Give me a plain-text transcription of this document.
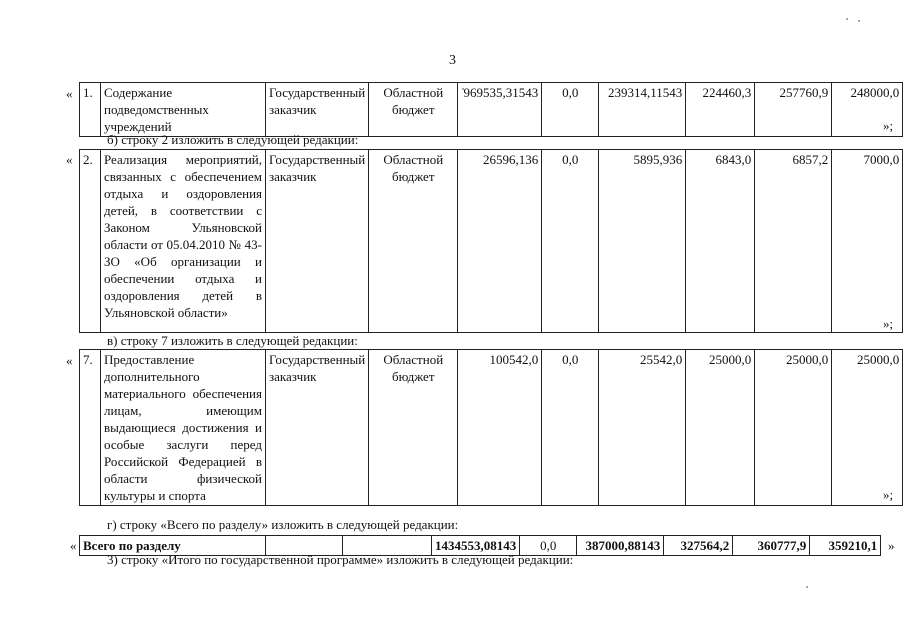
3
« 1.	Содержание подведомственных учреждений	Государственный заказчик	Областной бюджет	969535,31543	0,0	239314,11543	224460,3	257760,9	248000,0
»;
б) строку 2 изложить в следующей редакции:
« 2.	Реализация мероприятий, связанных с обеспечением отдыха и оздоровления детей, в соответствии с Законом Ульяновской области от 05.04.2010 № 43-ЗО «Об организации и обеспечении отдыха и оздоровления детей в Ульяновской области»	Государственный заказчик	Областной бюджет	26596,136	0,0	5895,936	6843,0	6857,2	7000,0
»;
в) строку 7 изложить в следующей редакции:
« 7.	Предоставление дополнительного материального обеспечения лицам, имеющим выдающиеся достижения и особые заслуги перед Российской Федерацией в области физической культуры и спорта	Государственный заказчик	Областной бюджет	100542,0	0,0	25542,0	25000,0	25000,0	25000,0
»;
г) строку «Всего по разделу» изложить в следующей редакции:
« Всего по разделу			1434553,08143	0,0	387000,88143	327564,2	360777,9	359210,1 »
3) строку «Итого по государственной программе» изложить в следующей редакции:
